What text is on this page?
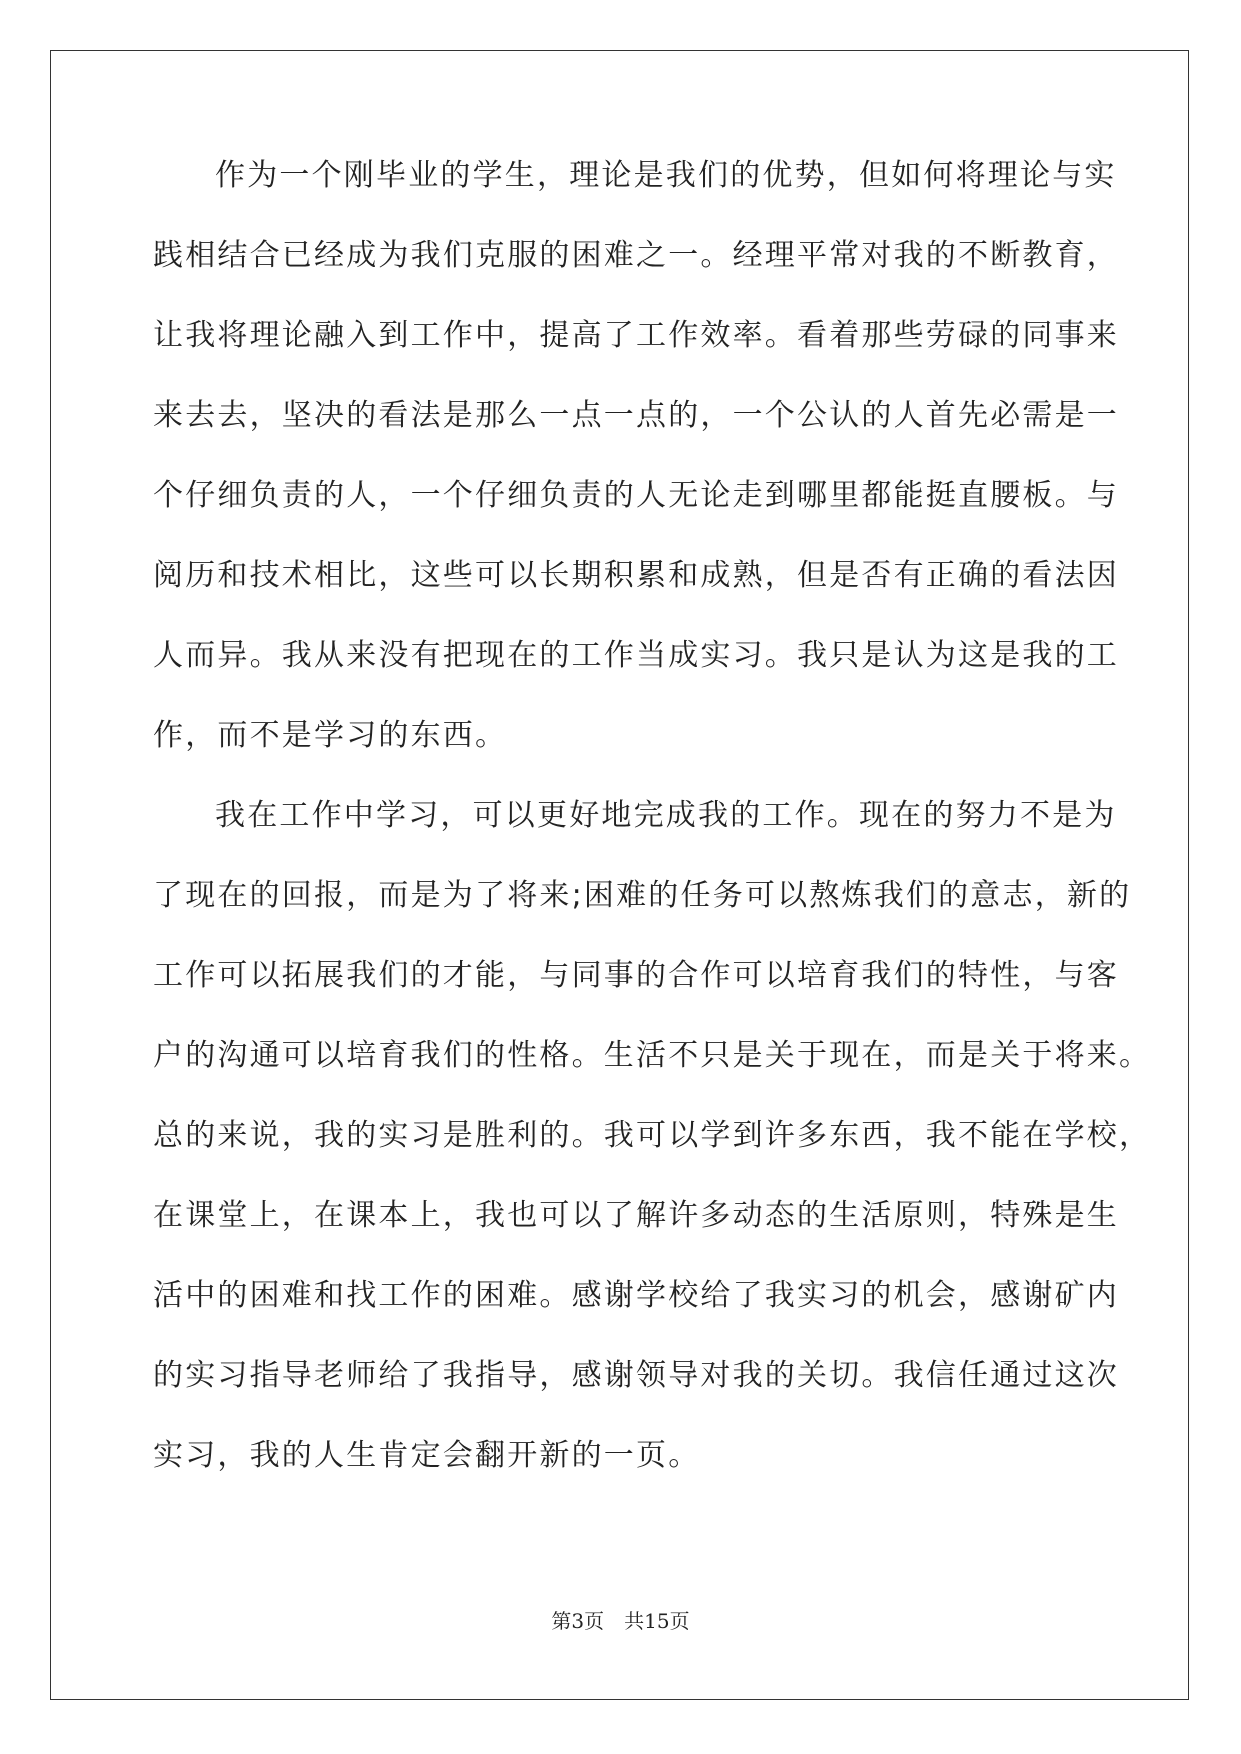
作为一个刚毕业的学生，理论是我们的优势，但如何将理论与实
践相结合已经成为我们克服的困难之一。经理平常对我的不断教育，
让我将理论融入到工作中，提高了工作效率。看着那些劳碌的同事来
来去去，坚决的看法是那么一点一点的，一个公认的人首先必需是一
个仔细负责的人，一个仔细负责的人无论走到哪里都能挺直腰板。与
阅历和技术相比，这些可以长期积累和成熟，但是否有正确的看法因
人而异。我从来没有把现在的工作当成实习。我只是认为这是我的工
作，而不是学习的东西。
我在工作中学习，可以更好地完成我的工作。现在的努力不是为
了现在的回报，而是为了将来;困难的任务可以熬炼我们的意志，新的
工作可以拓展我们的才能，与同事的合作可以培育我们的特性，与客
户的沟通可以培育我们的性格。生活不只是关于现在，而是关于将来。
总的来说，我的实习是胜利的。我可以学到许多东西，我不能在学校，
在课堂上，在课本上，我也可以了解许多动态的生活原则，特殊是生
活中的困难和找工作的困难。感谢学校给了我实习的机会，感谢矿内
的实习指导老师给了我指导，感谢领导对我的关切。我信任通过这次
实习，我的人生肯定会翻开新的一页。
第3页　共15页
